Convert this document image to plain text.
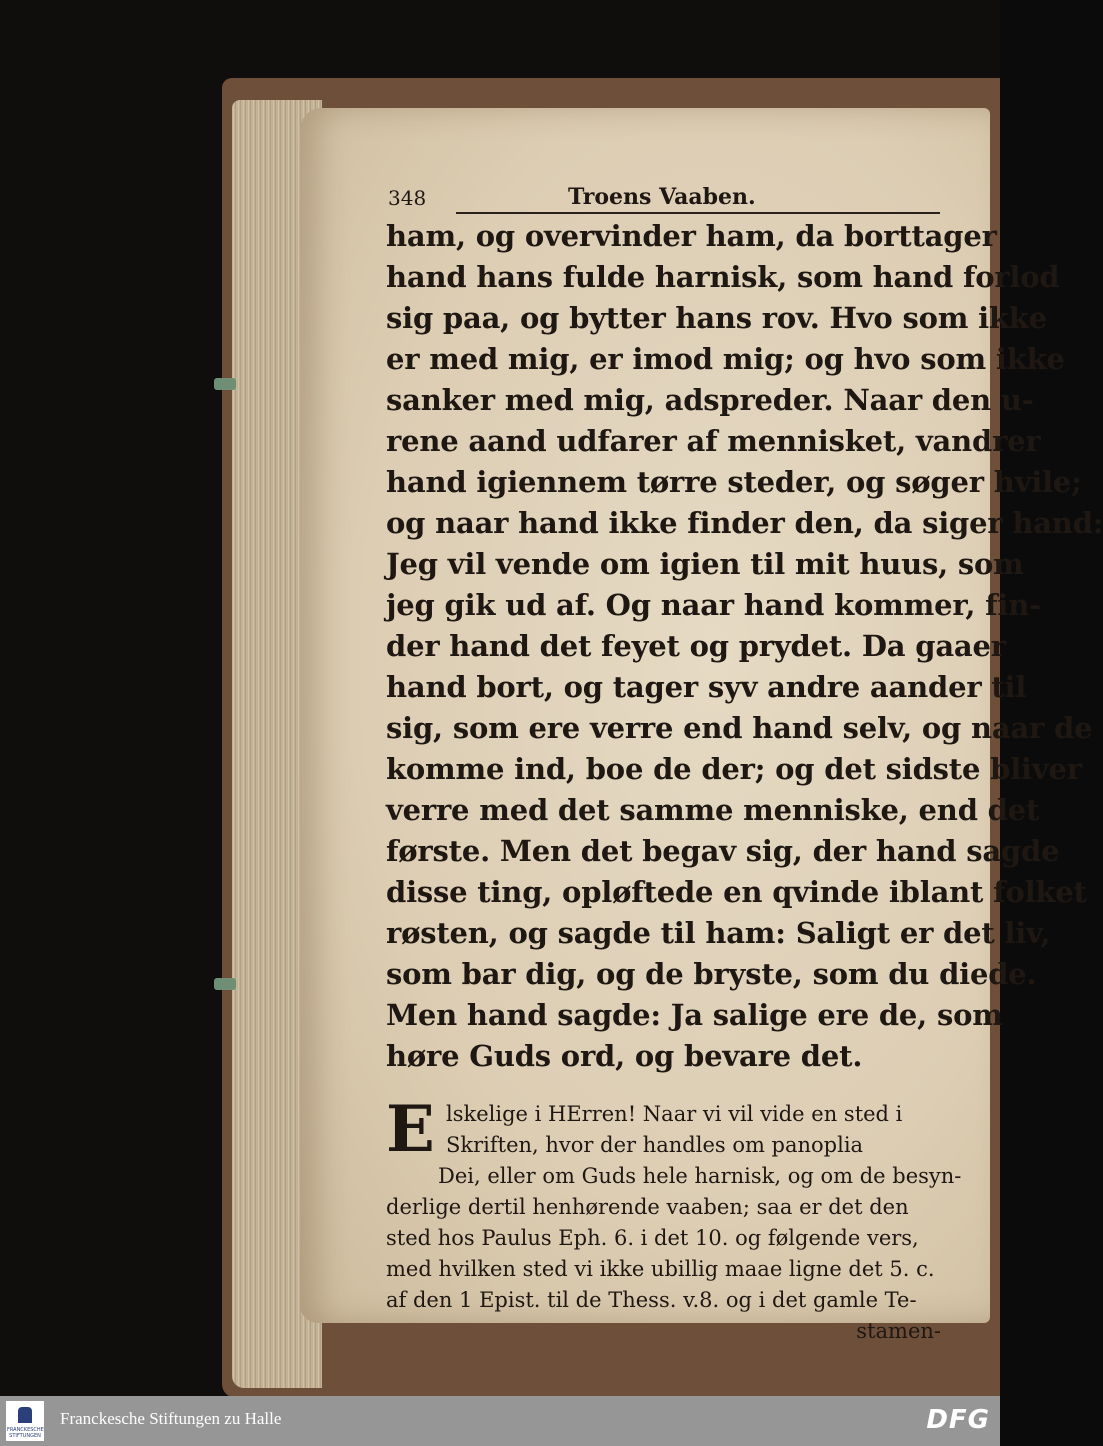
348	Troens Vaaben.
ham, og overvinder ham, da borttager
hand hans fulde harnisk, som hand forlod
sig paa, og bytter hans rov. Hvo som ikke
er med mig, er imod mig; og hvo som ikke
sanker med mig, adspreder. Naar den u-
rene aand udfarer af mennisket, vandrer
hand igiennem tørre steder, og søger hvile;
og naar hand ikke finder den, da siger hand:
Jeg vil vende om igien til mit huus, som
jeg gik ud af. Og naar hand kommer, fin-
der hand det feyet og prydet. Da gaaer
hand bort, og tager syv andre aander til
sig, som ere verre end hand selv, og naar de
komme ind, boe de der; og det sidste bliver
verre med det samme menniske, end det
første. Men det begav sig, der hand sagde
disse ting, opløftede en qvinde iblant folket
røsten, og sagde til ham: Saligt er det liv,
som bar dig, og de bryste, som du diede.
Men hand sagde: Ja salige ere de, som
høre Guds ord, og bevare det.
E lskelige i HErren! Naar vi vil vide en sted i
Skriften, hvor der handles om panoplia
Dei, eller om Guds hele harnisk, og om de besyn-
derlige dertil henhørende vaaben; saa er det den
sted hos Paulus Eph. 6. i det 10. og følgende vers,
med hvilken sted vi ikke ubillig maae ligne det 5. c.
af den 1 Epist. til de Thess. v.8. og i det gamle Te-
stamen-
FRANCKESCHE STIFTUNGEN
Franckesche Stiftungen zu Halle	DFG
